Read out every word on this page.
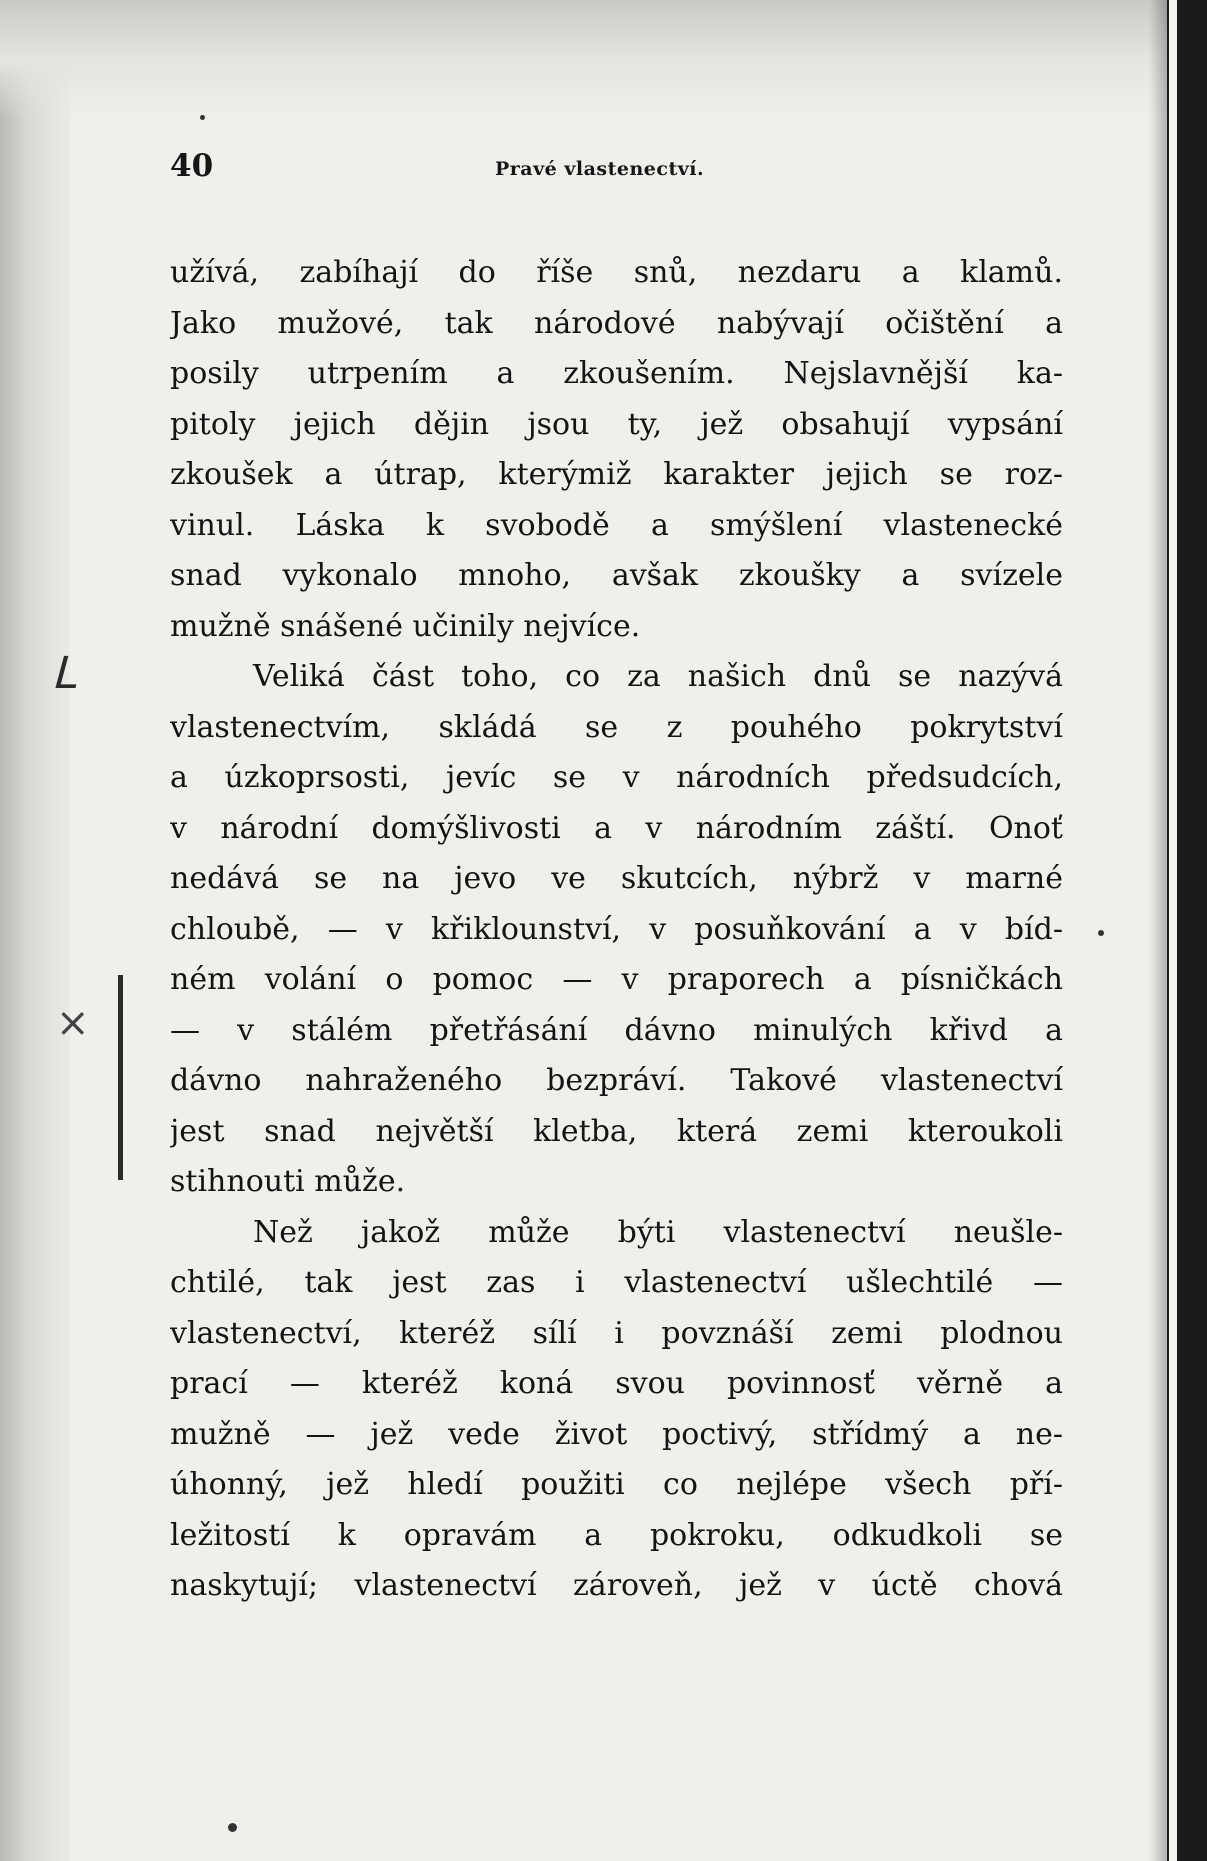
40	Pravé vlastenectví.
L
×
užívá, zabíhají do říše snů, nezdaru a klamů.
Jako mužové, tak národové nabývají očištění a
posily utrpením a zkoušením. Nejslavnější ka-
pitoly jejich dějin jsou ty, jež obsahují vypsání
zkoušek a útrap, kterýmiž karakter jejich se roz-
vinul. Láska k svobodě a smýšlení vlastenecké
snad vykonalo mnoho, avšak zkoušky a svízele
mužně snášené učinily nejvíce.
Veliká část toho, co za našich dnů se nazývá
vlastenectvím, skládá se z pouhého pokrytství
a úzkoprsosti, jevíc se v národních předsudcích,
v národní domýšlivosti a v národním záští. Onoť
nedává se na jevo ve skutcích, nýbrž v marné
chloubě, — v křiklounství, v posuňkování a v bíd-
ném volání o pomoc — v praporech a písničkách
— v stálém přetřásání dávno minulých křivd a
dávno nahraženého bezpráví. Takové vlastenectví
jest snad největší kletba, která zemi kteroukoli
stihnouti může.
Než jakož může býti vlastenectví neušle-
chtilé, tak jest zas i vlastenectví ušlechtilé —
vlastenectví, kteréž sílí i povznáší zemi plodnou
prací — kteréž koná svou povinnosť věrně a
mužně — jež vede život poctivý, střídmý a ne-
úhonný, jež hledí použiti co nejlépe všech pří-
ležitostí k opravám a pokroku, odkudkoli se
naskytují; vlastenectví zároveň, jež v úctě chová
